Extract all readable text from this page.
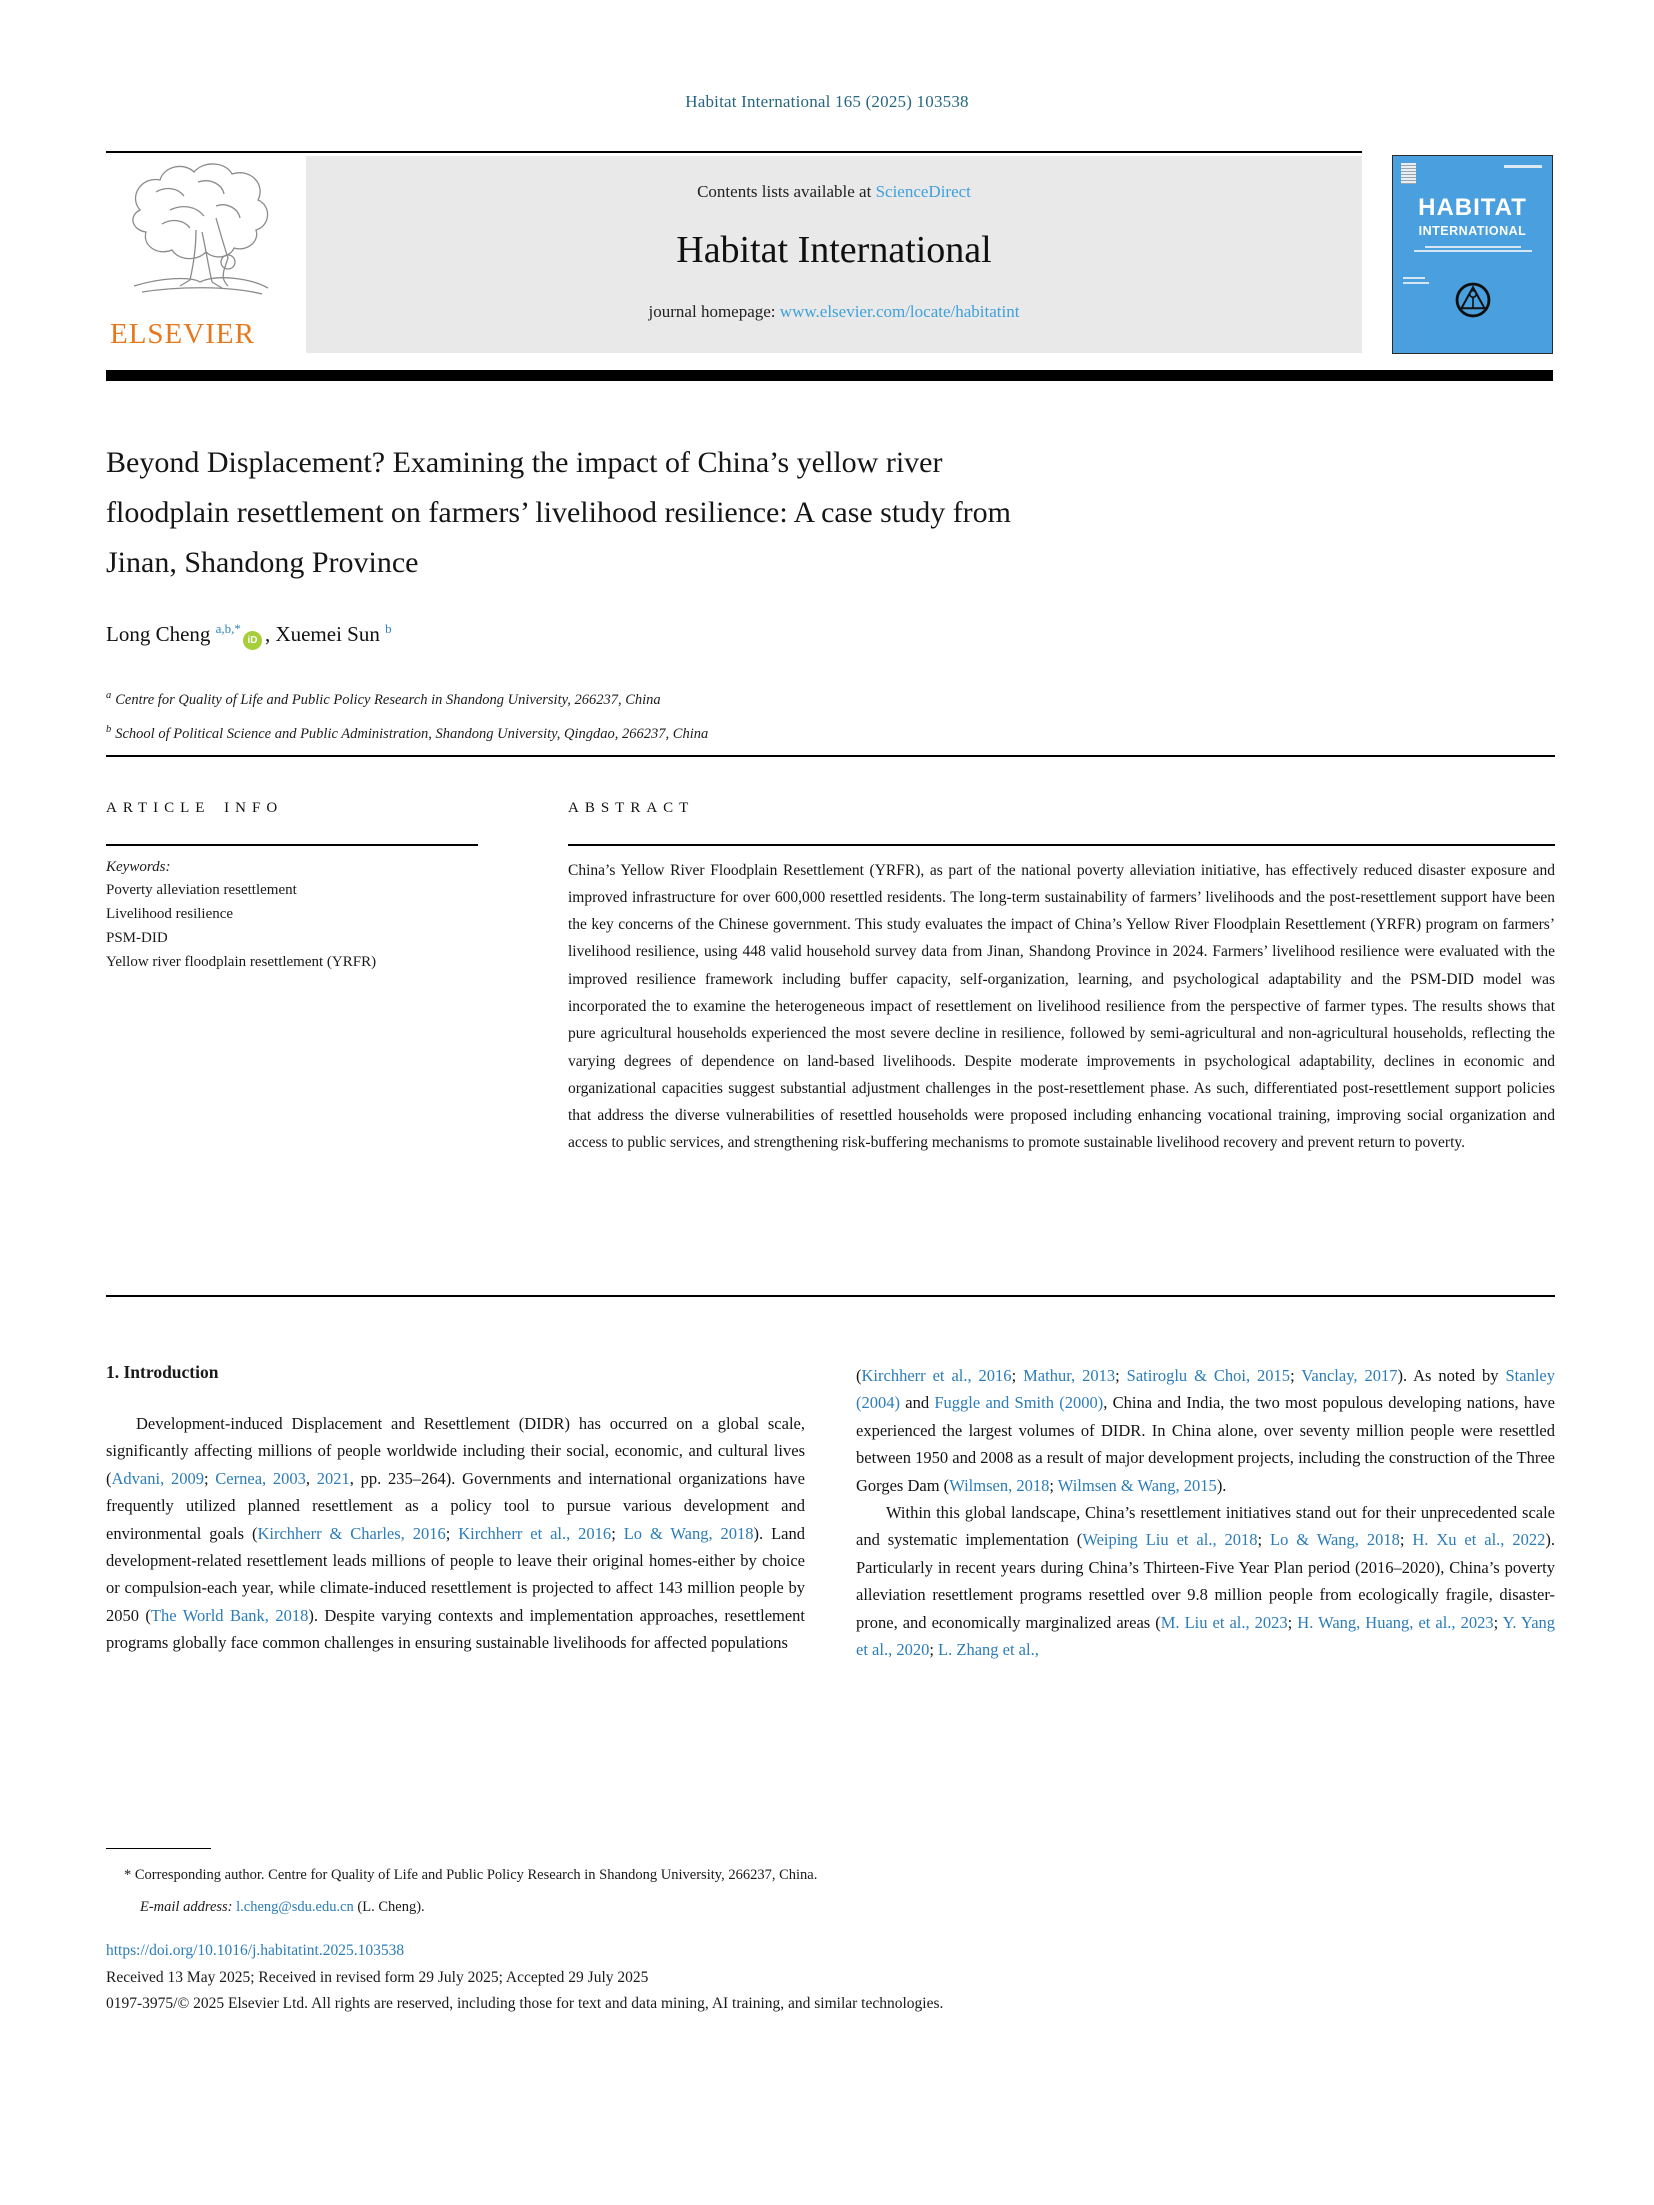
Habitat International 165 (2025) 103538
ELSEVIER
Contents lists available at ScienceDirect
Habitat International
journal homepage: www.elsevier.com/locate/habitatint
HABITAT
INTERNATIONAL
Beyond Displacement? Examining the impact of China’s yellow river
floodplain resettlement on farmers’ livelihood resilience: A case study from
Jinan, Shandong Province
Long Cheng $^{a,b,*}$iD , Xuemei Sun $^b$
$^a$ Centre for Quality of Life and Public Policy Research in Shandong University, 266237, China
$^b$ School of Political Science and Public Administration, Shandong University, Qingdao, 266237, China
ARTICLE INFO
Keywords:
Poverty alleviation resettlement
Livelihood resilience
PSM-DID
Yellow river floodplain resettlement (YRFR)
ABSTRACT
China’s Yellow River Floodplain Resettlement (YRFR), as part of the national poverty alleviation initiative, has effectively reduced disaster exposure and improved infrastructure for over 600,000 resettled residents. The long-term sustainability of farmers’ livelihoods and the post-resettlement support have been the key concerns of the Chinese government. This study evaluates the impact of China’s Yellow River Floodplain Resettlement (YRFR) program on farmers’ livelihood resilience, using 448 valid household survey data from Jinan, Shandong Province in 2024. Farmers’ livelihood resilience were evaluated with the improved resilience framework including buffer capacity, self-organization, learning, and psychological adaptability and the PSM-DID model was incorporated the to examine the heterogeneous impact of resettlement on livelihood resilience from the perspective of farmer types. The results shows that pure agricultural households experienced the most severe decline in resilience, followed by semi-agricultural and non-agricultural households, reflecting the varying degrees of dependence on land-based livelihoods. Despite moderate improvements in psychological adaptability, declines in economic and organizational capacities suggest substantial adjustment challenges in the post-resettlement phase. As such, differentiated post-resettlement support policies that address the diverse vulnerabilities of resettled households were proposed including enhancing vocational training, improving social organization and access to public services, and strengthening risk-buffering mechanisms to promote sustainable livelihood recovery and prevent return to poverty.
1. Introduction
Development-induced Displacement and Resettlement (DIDR) has occurred on a global scale, significantly affecting millions of people worldwide including their social, economic, and cultural lives (Advani, 2009; Cernea, 2003, 2021, pp. 235–264). Governments and international organizations have frequently utilized planned resettlement as a policy tool to pursue various development and environmental goals (Kirchherr & Charles, 2016; Kirchherr et al., 2016; Lo & Wang, 2018). Land development-related resettlement leads millions of people to leave their original homes-either by choice or compulsion-each year, while climate-induced resettlement is projected to affect 143 million people by 2050 (The World Bank, 2018). Despite varying contexts and implementation approaches, resettlement programs globally face common challenges in ensuring sustainable livelihoods for affected populations
(Kirchherr et al., 2016; Mathur, 2013; Satiroglu & Choi, 2015; Vanclay, 2017). As noted by Stanley (2004) and Fuggle and Smith (2000), China and India, the two most populous developing nations, have experienced the largest volumes of DIDR. In China alone, over seventy million people were resettled between 1950 and 2008 as a result of major development projects, including the construction of the Three Gorges Dam (Wilmsen, 2018; Wilmsen & Wang, 2015).
Within this global landscape, China’s resettlement initiatives stand out for their unprecedented scale and systematic implementation (Weiping Liu et al., 2018; Lo & Wang, 2018; H. Xu et al., 2022). Particularly in recent years during China’s Thirteen-Five Year Plan period (2016–2020), China’s poverty alleviation resettlement programs resettled over 9.8 million people from ecologically fragile, disaster-prone, and economically marginalized areas (M. Liu et al., 2023; H. Wang, Huang, et al., 2023; Y. Yang et al., 2020; L. Zhang et al.,
* Corresponding author. Centre for Quality of Life and Public Policy Research in Shandong University, 266237, China.
E-mail address: l.cheng@sdu.edu.cn (L. Cheng).
https://doi.org/10.1016/j.habitatint.2025.103538
Received 13 May 2025; Received in revised form 29 July 2025; Accepted 29 July 2025
0197-3975/© 2025 Elsevier Ltd. All rights are reserved, including those for text and data mining, AI training, and similar technologies.
